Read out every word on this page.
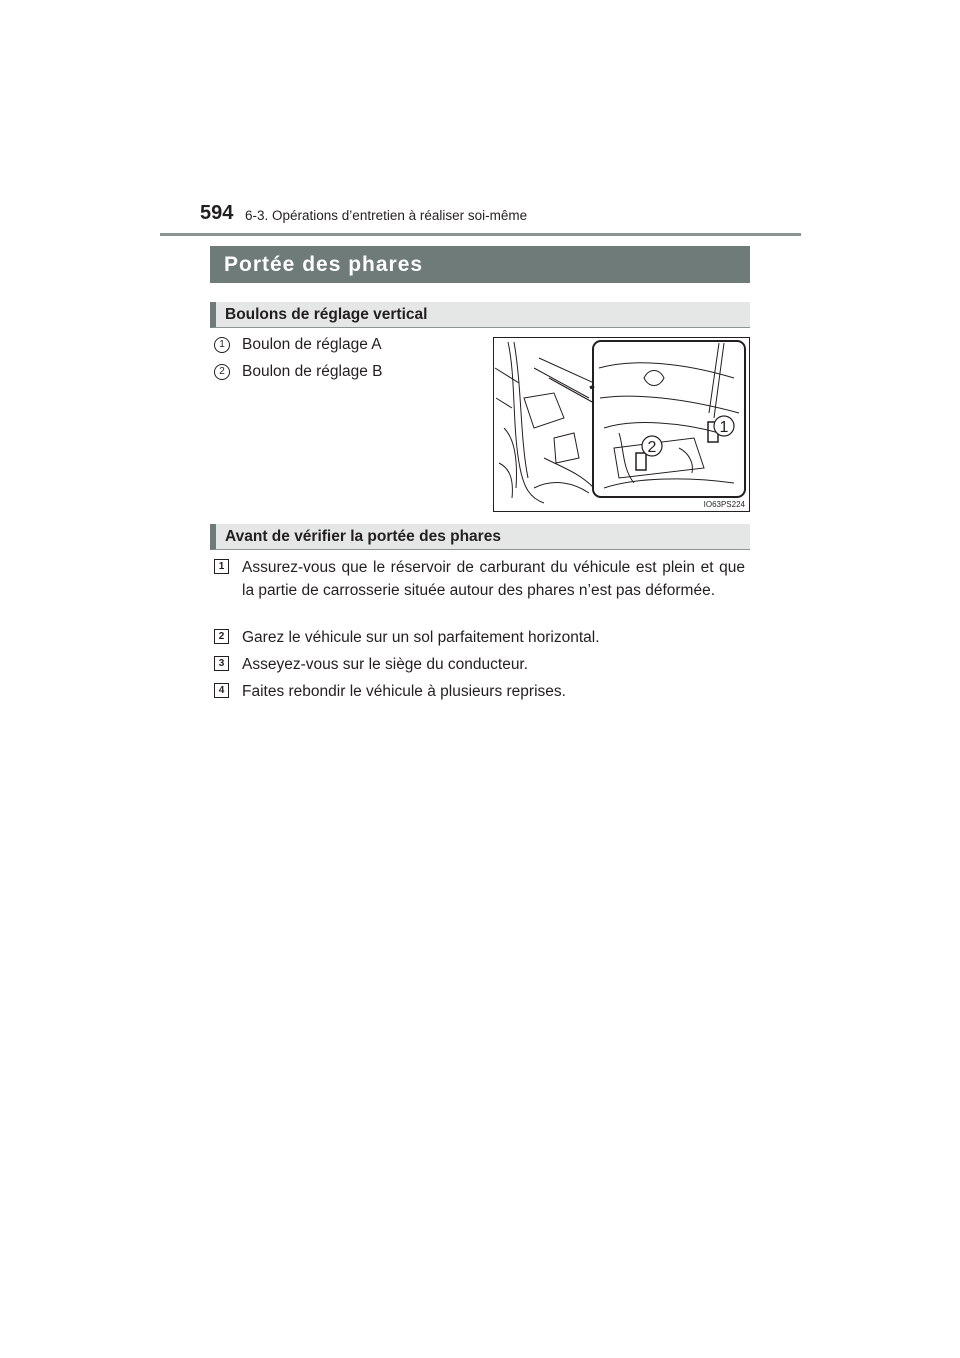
594 6-3. Opérations d’entretien à réaliser soi-même
Portée des phares
Boulons de réglage vertical
1	Boulon de réglage A
2	Boulon de réglage B
1
2
IO63PS224
Avant de vérifier la portée des phares
1	Assurez-vous que le réservoir de carburant du véhicule est plein et que la partie de carrosserie située autour des phares n’est pas déformée.
2	Garez le véhicule sur un sol parfaitement horizontal.
3	Asseyez-vous sur le siège du conducteur.
4	Faites rebondir le véhicule à plusieurs reprises.
